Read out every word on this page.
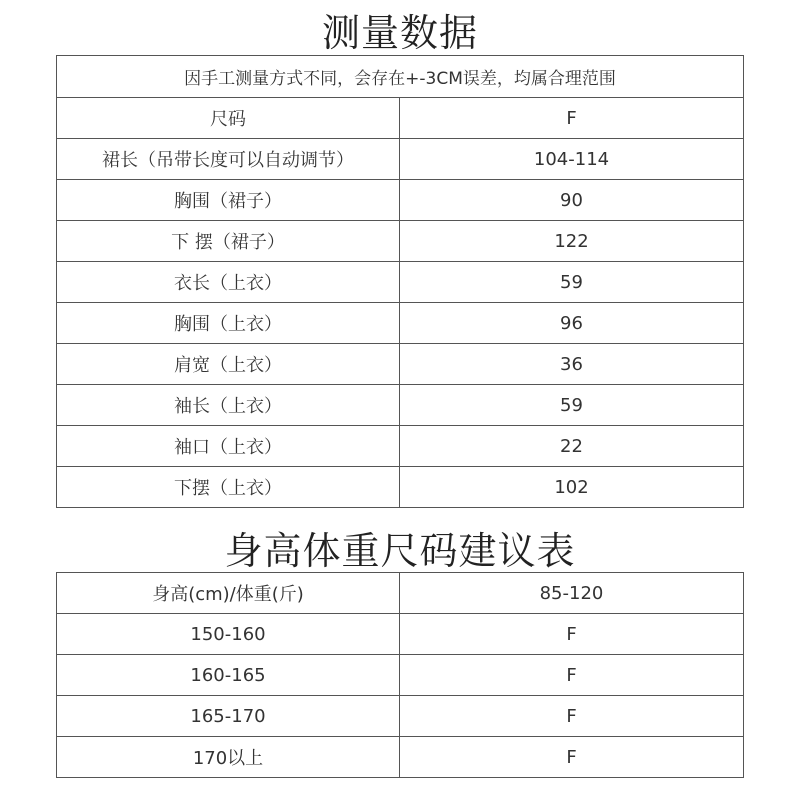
测量数据
因手工测量方式不同，会存在+-3CM误差，均属合理范围	
尺码	F
裙长（吊带长度可以自动调节）	104-114
胸围（裙子）	90
下 摆（裙子）	122
衣长（上衣）	59
胸围（上衣）	96
肩宽（上衣）	36
袖长（上衣）	59
袖口（上衣）	22
下摆（上衣）	102
身高体重尺码建议表
身高(cm)/体重(斤)	85-120
150-160	F
160-165	F
165-170	F
170以上	F
